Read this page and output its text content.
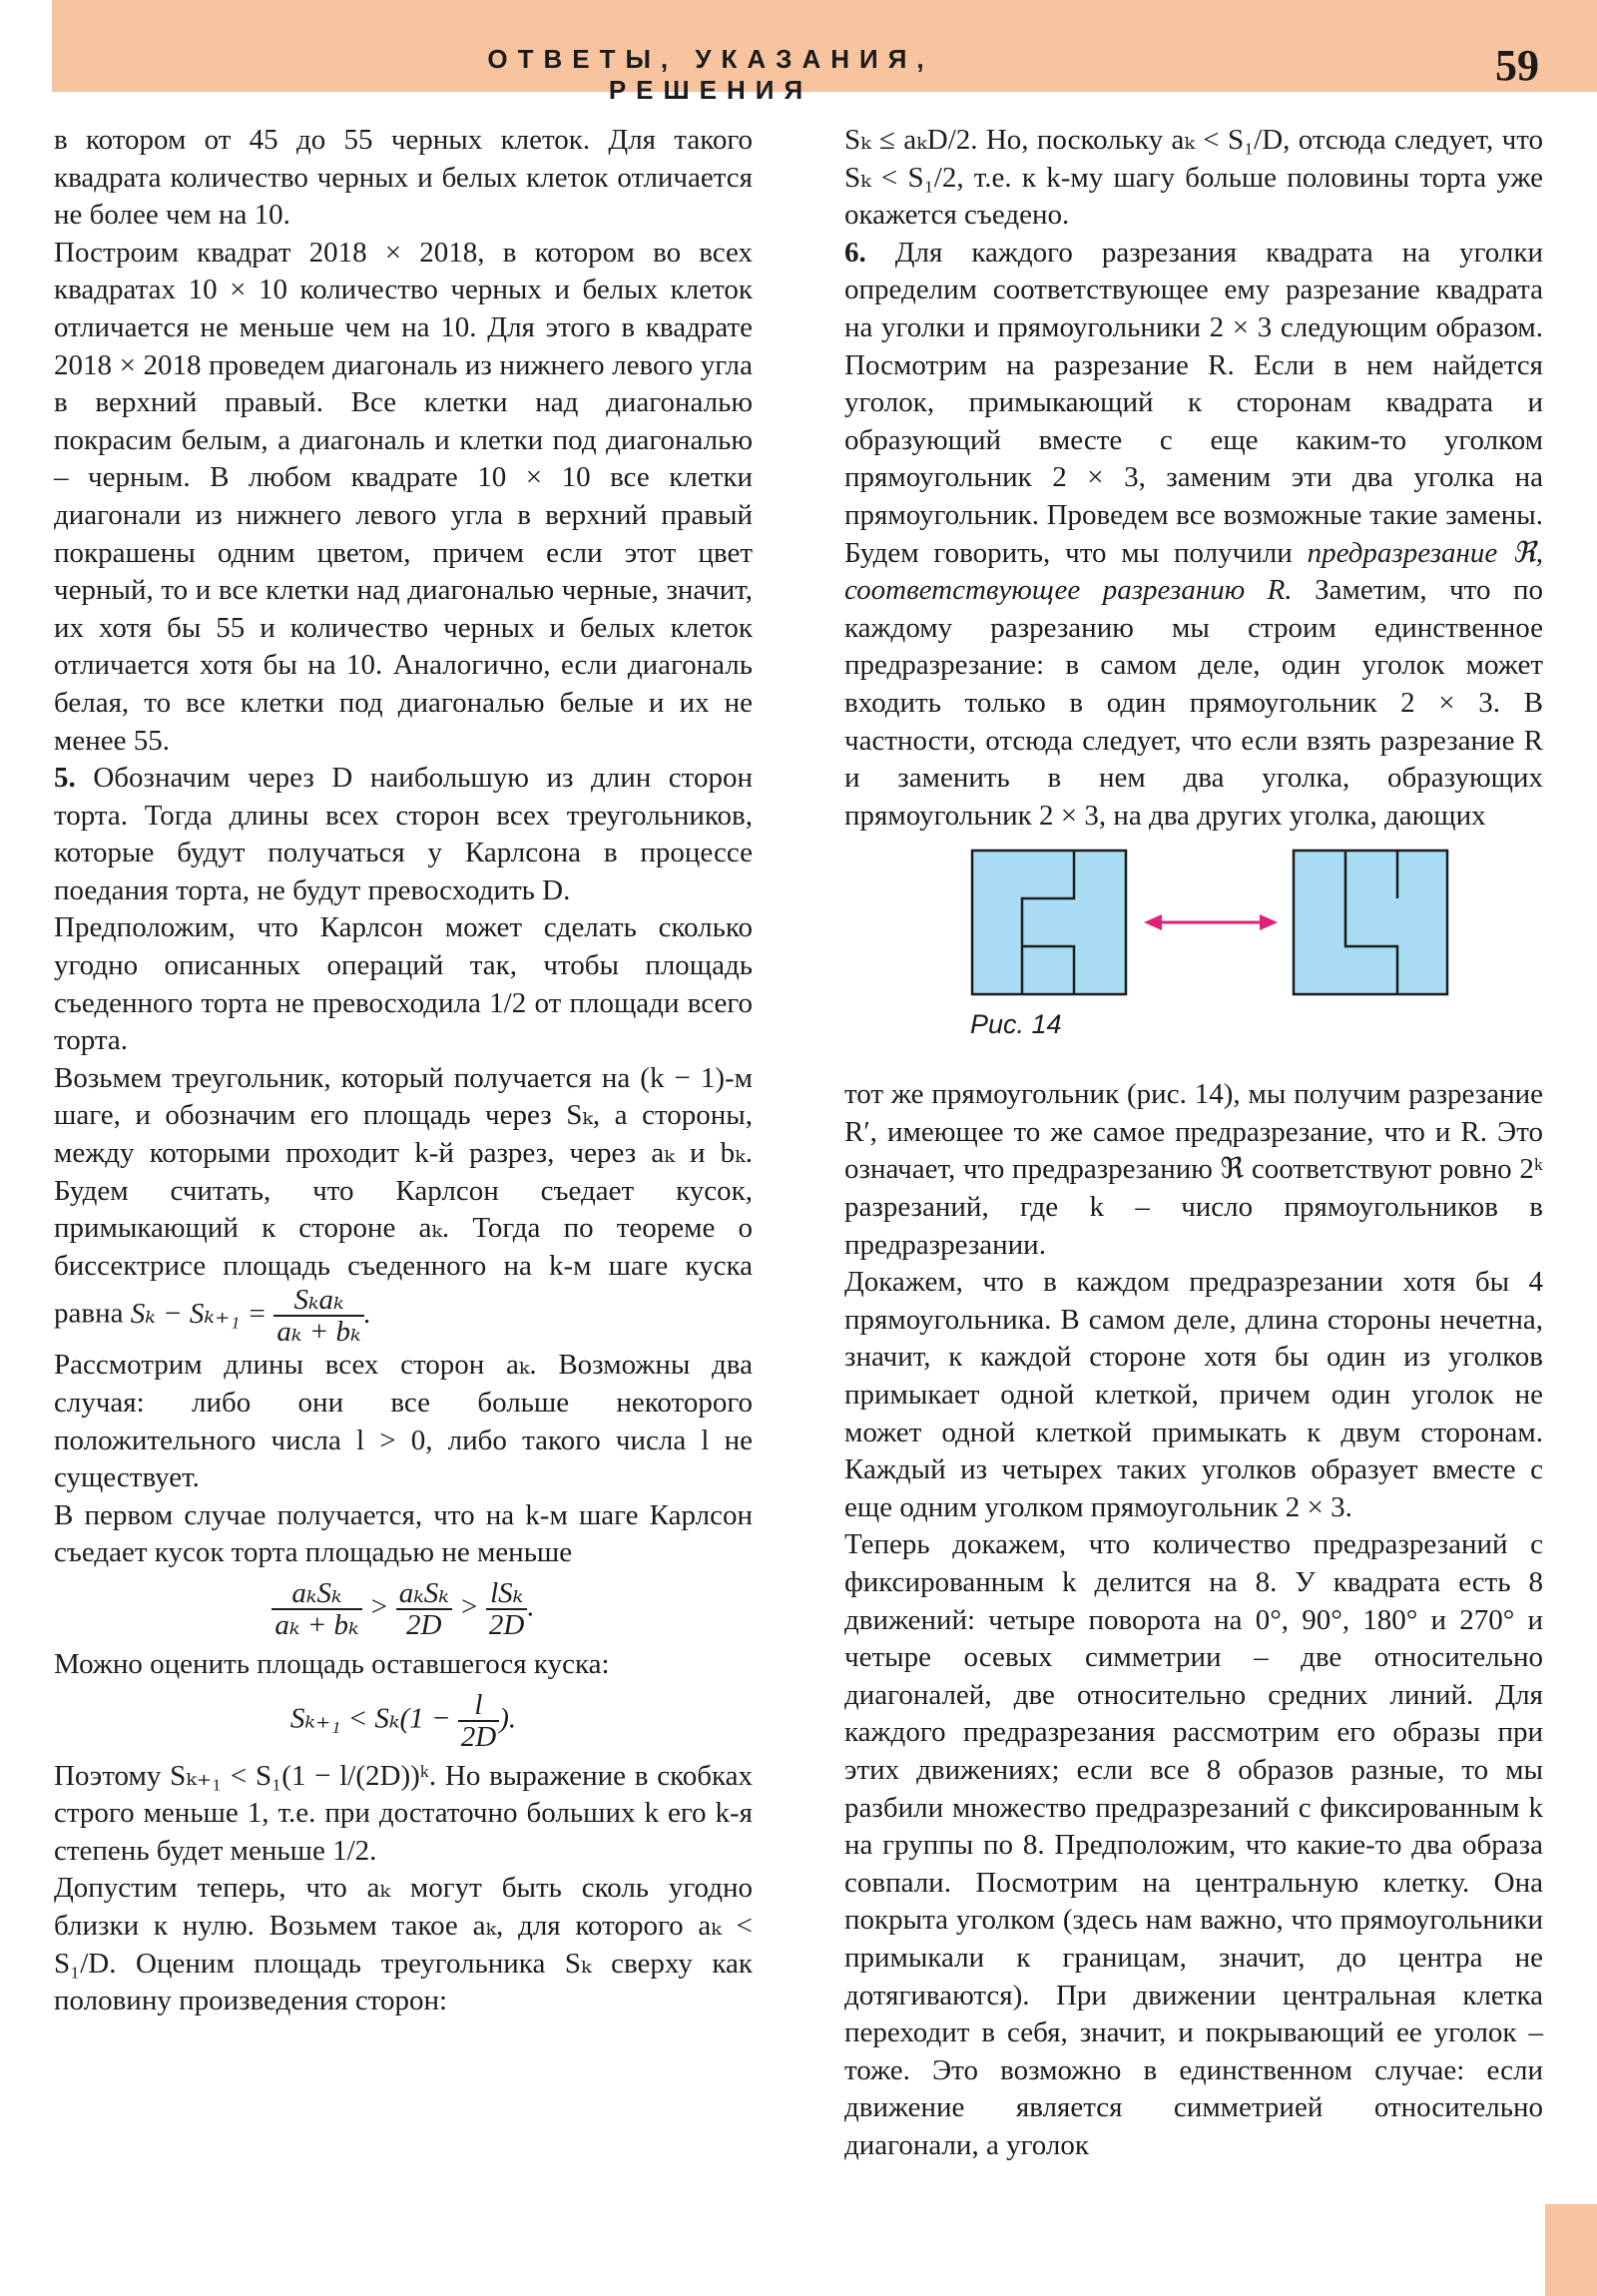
ОТВЕТЫ, УКАЗАНИЯ, РЕШЕНИЯ	59

в котором от 45 до 55 черных клеток. Для такого квадрата количество черных и белых клеток отличается не более чем на 10.

Построим квадрат 2018 × 2018, в котором во всех квадратах 10 × 10 количество черных и белых клеток отличается не меньше чем на 10. Для этого в квадрате 2018 × 2018 проведем диагональ из нижнего левого угла в верхний правый. Все клетки над диагональю покрасим белым, а диагональ и клетки под диагональю – черным. В любом квадрате 10 × 10 все клетки диагонали из нижнего левого угла в верхний правый покрашены одним цветом, причем если этот цвет черный, то и все клетки над диагональю черные, значит, их хотя бы 55 и количество черных и белых клеток отличается хотя бы на 10. Аналогично, если диагональ белая, то все клетки под диагональю белые и их не менее 55.

5. Обозначим через D наибольшую из длин сторон торта. Тогда длины всех сторон всех треугольников, которые будут получаться у Карлсона в процессе поедания торта, не будут превосходить D.

Предположим, что Карлсон может сделать сколько угодно описанных операций так, чтобы площадь съеденного торта не превосходила 1/2 от площади всего торта.

Возьмем треугольник, который получается на (k − 1)-м шаге, и обозначим его площадь через Sₖ, а стороны, между которыми проходит k-й разрез, через aₖ и bₖ. Будем считать, что Карлсон съедает кусок, примыкающий к стороне aₖ. Тогда по теореме о биссектрисе площадь съеденного на k-м шаге куска равна $S_k - S_{k+1} = \frac{\text{Sₖaₖ}}{\text{aₖ + bₖ}}$ .

Рассмотрим длины всех сторон aₖ. Возможны два случая: либо они все больше некоторого положительного числа l > 0, либо такого числа l не существует.

В первом случае получается, что на k-м шаге Карлсон съедает кусок торта площадью не меньше

$\frac{\text{aₖSₖ}}{\text{aₖ + bₖ}} > \frac{\text{aₖSₖ}}{2D} > \frac{\text{lSₖ}}{2D}$ .

Можно оценить площадь оставшегося куска:

$S_{k+1} < S_k(1 - \frac{l}{2D}$ ).

Поэтому Sₖ₊₁ < S₁(1 − l/(2D))ᵏ. Но выражение в скобках строго меньше 1, т.е. при достаточно больших k его k-я степень будет меньше 1/2.

Допустим теперь, что aₖ могут быть сколь угодно близки к нулю. Возьмем такое aₖ, для которого aₖ < S₁/D. Оценим площадь треугольника Sₖ сверху как половину произведения сторон:

Sₖ ≤ aₖD/2. Но, поскольку aₖ < S₁/D, отсюда следует, что Sₖ < S₁/2, т.е. к k-му шагу больше половины торта уже окажется съедено.

6. Для каждого разрезания квадрата на уголки определим соответствующее ему разрезание квадрата на уголки и прямоугольники 2 × 3 следующим образом. Посмотрим на разрезание R. Если в нем найдется уголок, примыкающий к сторонам квадрата и образующий вместе с еще каким-то уголком прямоугольник 2 × 3, заменим эти два уголка на прямоугольник. Проведем все возможные такие замены. Будем говорить, что мы получили предразрезание ℜ, соответствующее разрезанию R. Заметим, что по каждому разрезанию мы строим единственное предразрезание: в самом деле, один уголок может входить только в один прямоугольник 2 × 3. В частности, отсюда следует, что если взять разрезание R и заменить в нем два уголка, образующих прямоугольник 2 × 3, на два других уголка, дающих

Рис. 14

тот же прямоугольник (рис. 14), мы получим разрезание R′, имеющее то же самое предразрезание, что и R. Это означает, что предразрезанию ℜ соответствуют ровно 2ᵏ разрезаний, где k – число прямоугольников в предразрезании.

Докажем, что в каждом предразрезании хотя бы 4 прямоугольника. В самом деле, длина стороны нечетна, значит, к каждой стороне хотя бы один из уголков примыкает одной клеткой, причем один уголок не может одной клеткой примыкать к двум сторонам. Каждый из четырех таких уголков образует вместе с еще одним уголком прямоугольник 2 × 3.

Теперь докажем, что количество предразрезаний с фиксированным k делится на 8. У квадрата есть 8 движений: четыре поворота на 0°, 90°, 180° и 270° и четыре осевых симметрии – две относительно диагоналей, две относительно средних линий. Для каждого предразрезания рассмотрим его образы при этих движениях; если все 8 образов разные, то мы разбили множество предразрезаний с фиксированным k на группы по 8. Предположим, что какие-то два образа совпали. Посмотрим на центральную клетку. Она покрыта уголком (здесь нам важно, что прямоугольники примыкали к границам, значит, до центра не дотягиваются). При движении центральная клетка переходит в себя, значит, и покрывающий ее уголок – тоже. Это возможно в единственном случае: если движение является симметрией относительно диагонали, а уголок
